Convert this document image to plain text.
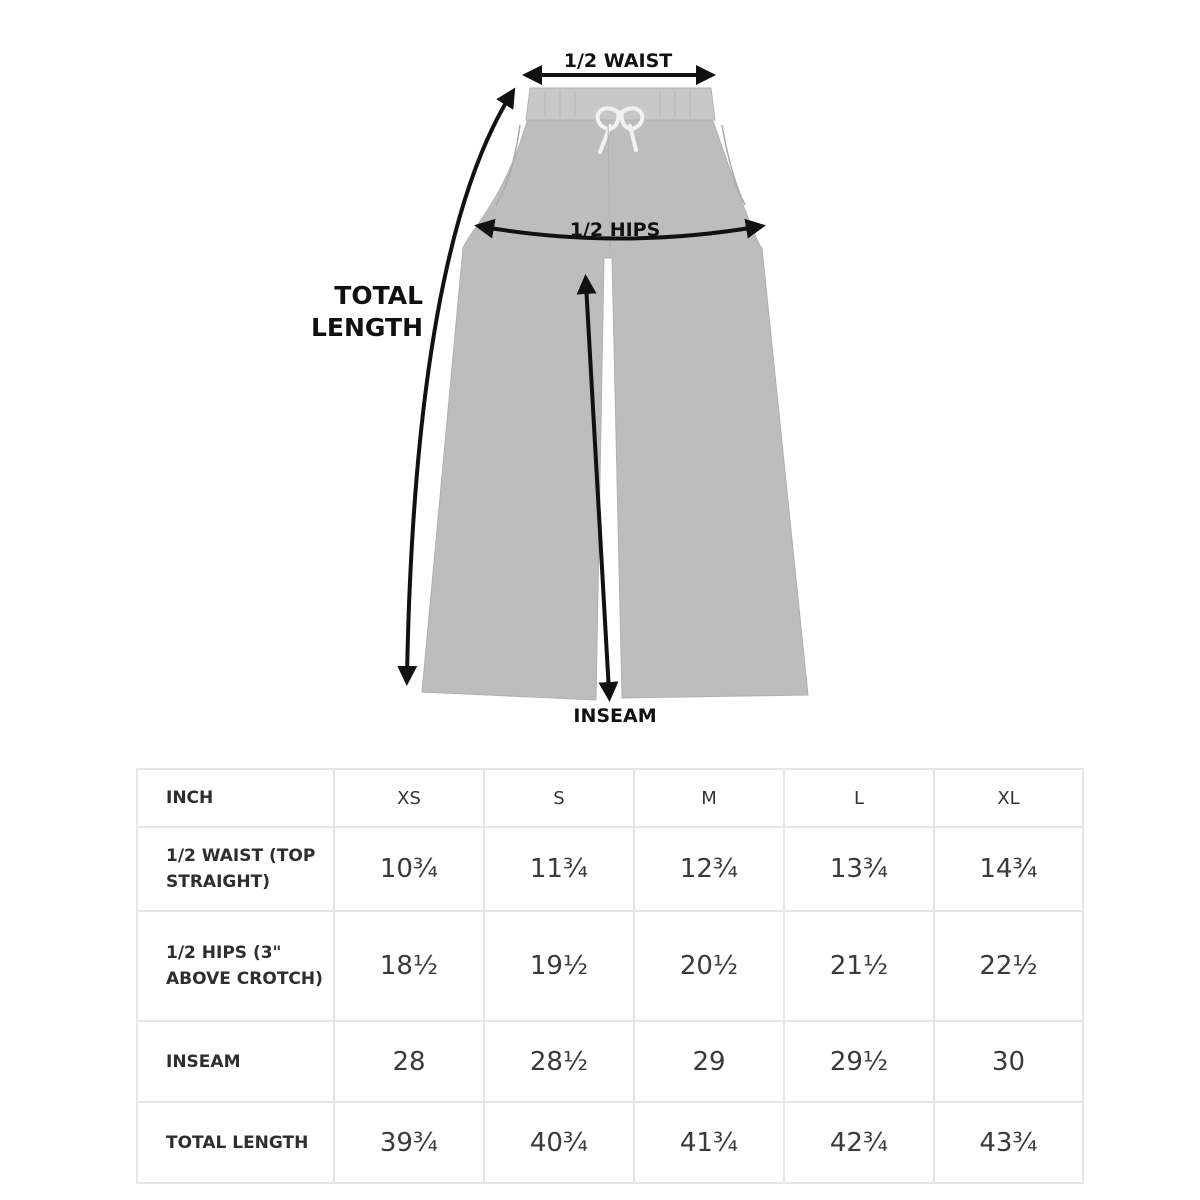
1/2 WAIST
1/2 HIPS
TOTAL
LENGTH
INSEAM
INCH	XS	S	M	L	XL
1/2 WAIST (TOP STRAIGHT)	10¾	11¾	12¾	13¾	14¾
1/2 HIPS (3" ABOVE CROTCH)	18½	19½	20½	21½	22½
INSEAM	28	28½	29	29½	30
TOTAL LENGTH	39¾	40¾	41¾	42¾	43¾
